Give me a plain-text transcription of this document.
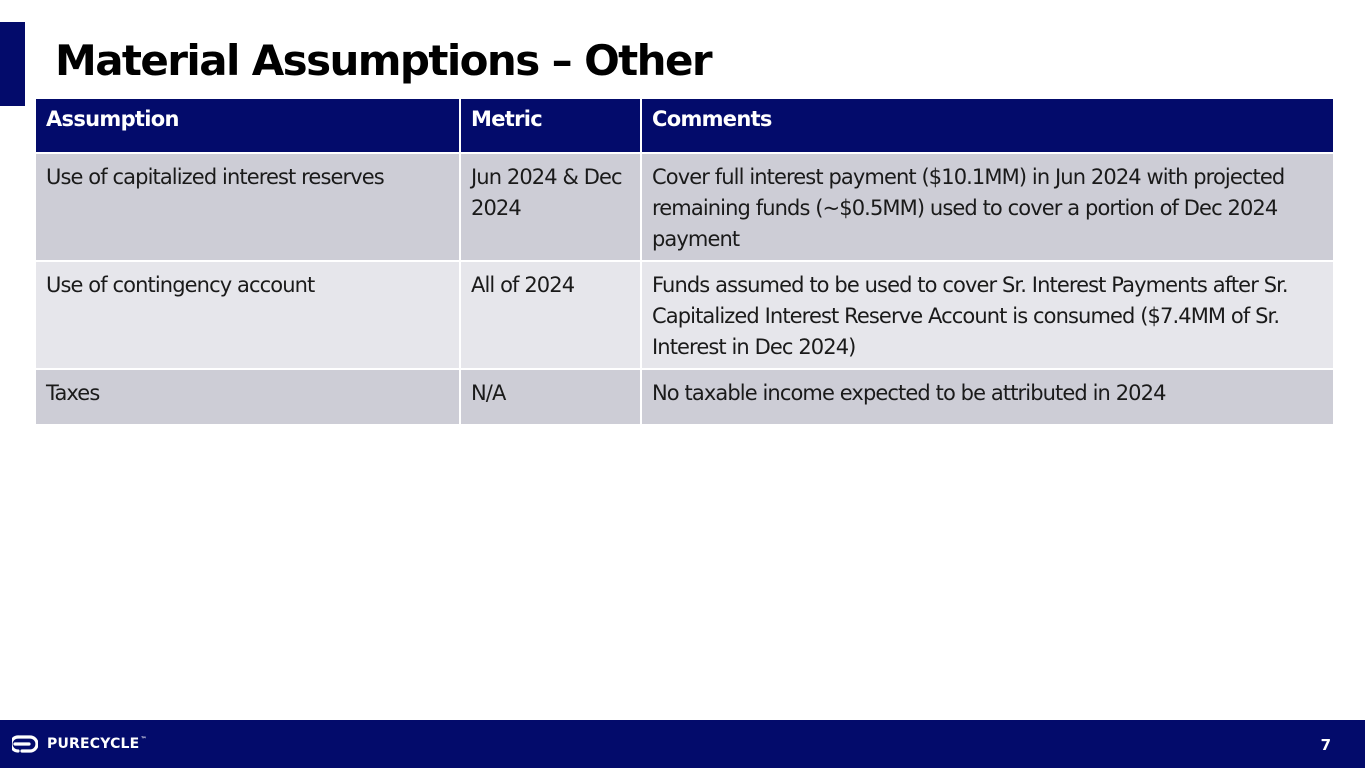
Material Assumptions – Other
Assumption	Metric	Comments
Use of capitalized interest reserves	Jun 2024 & Dec 2024	Cover full interest payment ($10.1MM) in Jun 2024 with projected remaining funds (~$0.5MM) used to cover a portion of Dec 2024 payment
Use of contingency account	All of 2024	Funds assumed to be used to cover Sr. Interest Payments after Sr. Capitalized Interest Reserve Account is consumed ($7.4MM of Sr. Interest in Dec 2024)
Taxes	N/A	No taxable income expected to be attributed in 2024
PURECYCLE™	7
